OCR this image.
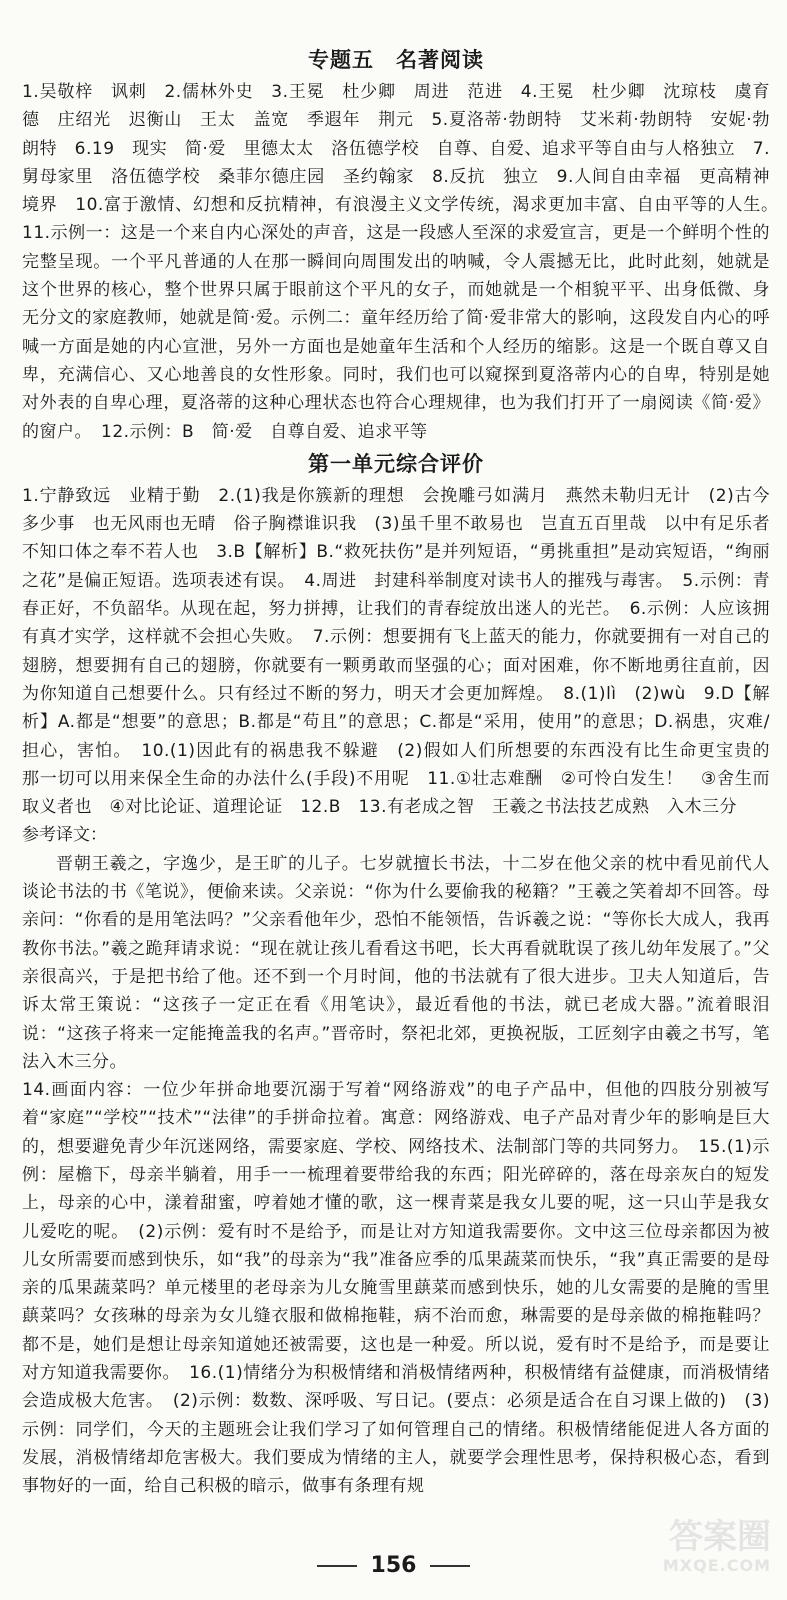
专题五　名著阅读

1.吴敬梓　讽刺　2.儒林外史　3.王冕　杜少卿　周进　范进　4.王冕　杜少卿　沈琼枝　虞育德　庄绍光　迟衡山　王太　盖宽　季遐年　荆元　5.夏洛蒂·勃朗特　艾米莉·勃朗特　安妮·勃朗特　6.19　现实　简·爱　里德太太　洛伍德学校　自尊、自爱、追求平等自由与人格独立　7.舅母家里　洛伍德学校　桑菲尔德庄园　圣约翰家　8.反抗　独立　9.人间自由幸福　更高精神境界　10.富于激情、幻想和反抗精神，有浪漫主义文学传统，渴求更加丰富、自由平等的人生。　11.示例一：这是一个来自内心深处的声音，这是一段感人至深的求爱宣言，更是一个鲜明个性的完整呈现。一个平凡普通的人在那一瞬间向周围发出的呐喊，令人震撼无比，此时此刻，她就是这个世界的核心，整个世界只属于眼前这个平凡的女子，而她就是一个相貌平平、出身低微、身无分文的家庭教师，她就是简·爱。示例二：童年经历给了简·爱非常大的影响，这段发自内心的呼喊一方面是她的内心宣泄，另外一方面也是她童年生活和个人经历的缩影。这是一个既自尊又自卑，充满信心、又心地善良的女性形象。同时，我们也可以窥探到夏洛蒂内心的自卑，特别是她对外表的自卑心理，夏洛蒂的这种心理状态也符合心理规律，也为我们打开了一扇阅读《简·爱》的窗户。　12.示例：B　简·爱　自尊自爱、追求平等

第一单元综合评价

1.宁静致远　业精于勤　2.(1)我是你簇新的理想　会挽雕弓如满月　燕然未勒归无计　(2)古今多少事　也无风雨也无晴　俗子胸襟谁识我　(3)虽千里不敢易也　岂直五百里哉　以中有足乐者　不知口体之奉不若人也　3.B【解析】B.“救死扶伤”是并列短语，“勇挑重担”是动宾短语，“绚丽之花”是偏正短语。选项表述有误。　4.周进　封建科举制度对读书人的摧残与毒害。　5.示例：青春正好，不负韶华。从现在起，努力拼搏，让我们的青春绽放出迷人的光芒。　6.示例：人应该拥有真才实学，这样就不会担心失败。　7.示例：想要拥有飞上蓝天的能力，你就要拥有一对自己的翅膀，想要拥有自己的翅膀，你就要有一颗勇敢而坚强的心；面对困难，你不断地勇往直前，因为你知道自己想要什么。只有经过不断的努力，明天才会更加辉煌。　8.(1)lì　(2)wù　9.D【解析】A.都是“想要”的意思；B.都是“苟且”的意思；C.都是“采用，使用”的意思；D.祸患，灾难/担心，害怕。　10.(1)因此有的祸患我不躲避　(2)假如人们所想要的东西没有比生命更宝贵的　那一切可以用来保全生命的办法什么(手段)不用呢　11.①壮志难酬　②可怜白发生！　③舍生而取义者也　④对比论证、道理论证　12.B　13.有老成之智　王羲之书法技艺成熟　入木三分

参考译文：

晋朝王羲之，字逸少，是王旷的儿子。七岁就擅长书法，十二岁在他父亲的枕中看见前代人谈论书法的书《笔说》，便偷来读。父亲说：“你为什么要偷我的秘籍？”王羲之笑着却不回答。母亲问：“你看的是用笔法吗？”父亲看他年少，恐怕不能领悟，告诉羲之说：“等你长大成人，我再教你书法。”羲之跪拜请求说：“现在就让孩儿看看这书吧，长大再看就耽误了孩儿幼年发展了。”父亲很高兴，于是把书给了他。还不到一个月时间，他的书法就有了很大进步。卫夫人知道后，告诉太常王策说：“这孩子一定正在看《用笔诀》，最近看他的书法，就已老成大器。”流着眼泪说：“这孩子将来一定能掩盖我的名声。”晋帝时，祭祀北郊，更换祝版，工匠刻字由羲之书写，笔法入木三分。

14.画面内容：一位少年拼命地要沉溺于写着“网络游戏”的电子产品中，但他的四肢分别被写着“家庭”“学校”“技术”“法律”的手拼命拉着。寓意：网络游戏、电子产品对青少年的影响是巨大的，想要避免青少年沉迷网络，需要家庭、学校、网络技术、法制部门等的共同努力。　15.(1)示例：屋檐下，母亲半躺着，用手一一梳理着要带给我的东西；阳光碎碎的，落在母亲灰白的短发上，母亲的心中，漾着甜蜜，哼着她才懂的歌，这一棵青菜是我女儿要的呢，这一只山芋是我女儿爱吃的呢。　(2)示例：爱有时不是给予，而是让对方知道我需要你。文中这三位母亲都因为被儿女所需要而感到快乐，如“我”的母亲为“我”准备应季的瓜果蔬菜而快乐，“我”真正需要的是母亲的瓜果蔬菜吗？单元楼里的老母亲为儿女腌雪里蕻菜而感到快乐，她的儿女需要的是腌的雪里蕻菜吗？女孩琳的母亲为女儿缝衣服和做棉拖鞋，病不治而愈，琳需要的是母亲做的棉拖鞋吗？都不是，她们是想让母亲知道她还被需要，这也是一种爱。所以说，爱有时不是给予，而是要让对方知道我需要你。　16.(1)情绪分为积极情绪和消极情绪两种，积极情绪有益健康，而消极情绪会造成极大危害。　(2)示例：数数、深呼吸、写日记。(要点：必须是适合在自习课上做的)　(3)示例：同学们，今天的主题班会让我们学习了如何管理自己的情绪。积极情绪能促进人各方面的发展，消极情绪却危害极大。我们要成为情绪的主人，就要学会理性思考，保持积极心态，看到事物好的一面，给自己积极的暗示，做事有条理有规

156
答案圈
MXQE.COM
